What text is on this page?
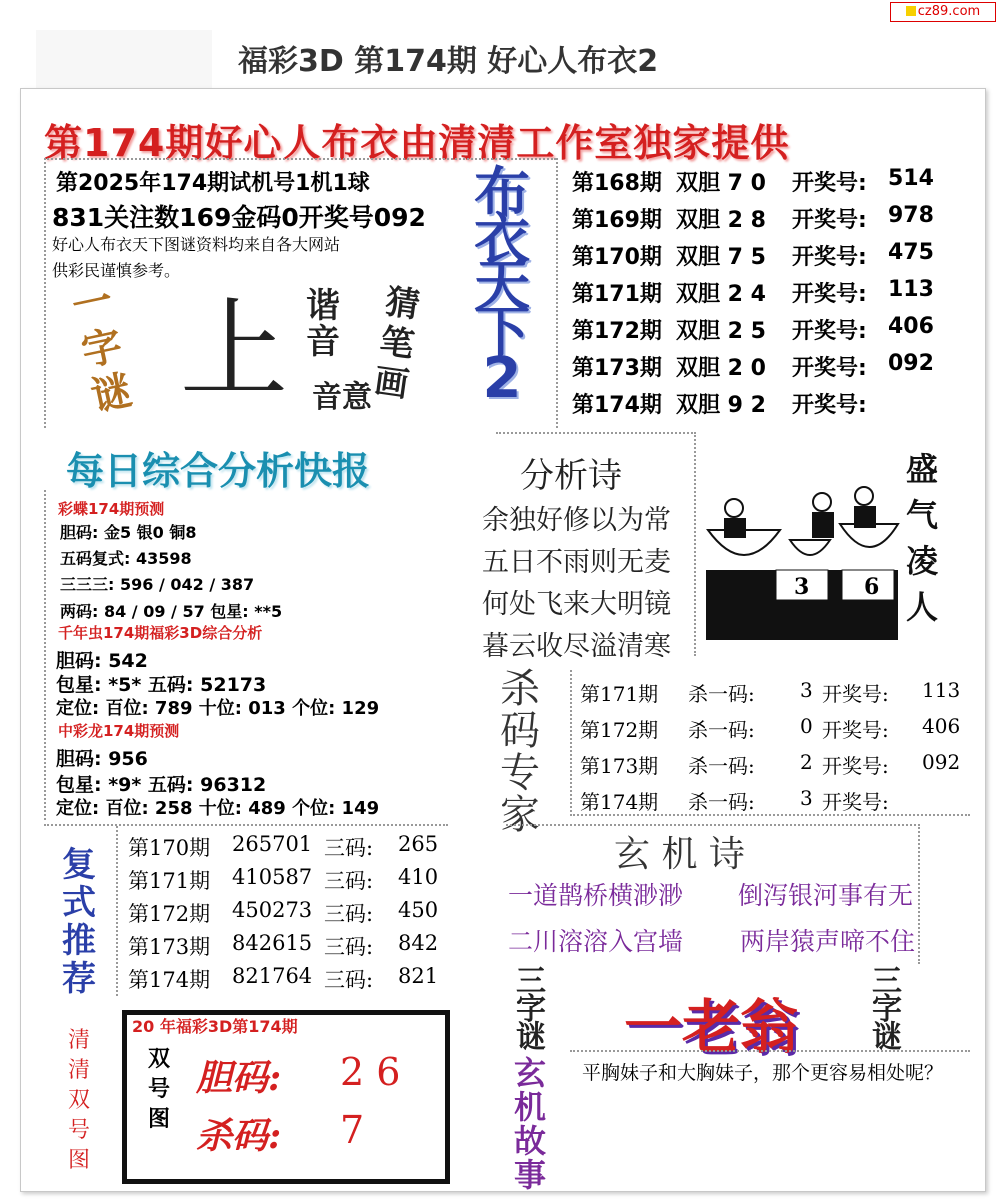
cz89.com
福彩3D 第174期 好心人布衣2
第174期好心人布衣由清清工作室独家提供
第2025年174期试机号1机1球
831关注数169金码0开奖号092
好心人布衣天下图谜资料均来自各大网站
供彩民谨慎参考。
一字谜 上 谐音
猜笔画
音意
布衣天下2
第168期 双胆 7 0 开奖号: 514
第169期 双胆 2 8 开奖号: 978
第170期 双胆 7 5 开奖号: 475
第171期 双胆 2 4 开奖号: 113
第172期 双胆 2 5 开奖号: 406
第173期 双胆 2 0 开奖号: 092
第174期 双胆 9 2 开奖号:
每日综合分析快报
彩蝶174期预测
胆码: 金5 银0 铜8
五码复式: 43598
三三三: 596 / 042 / 387
两码: 84 / 09 / 57 包星: **5
千年虫174期福彩3D综合分析
胆码: 542
包星: *5* 五码: 52173
定位: 百位: 789 十位: 013 个位: 129
中彩龙174期预测
胆码: 956
包星: *9* 五码: 96312
定位: 百位: 258 十位: 489 个位: 149
分析诗
余独好修以为常
五日不雨则无麦
何处飞来大明镜
暮云收尽溢清寒
3 6
盛气凌人
杀码专家
第171期 杀一码: 3 开奖号: 113
第172期 杀一码: 0 开奖号: 406
第173期 杀一码: 2 开奖号: 092
第174期 杀一码: 3 开奖号:
复式推荐
第170期 265701 三码: 265
第171期 410587 三码: 410
第172期 450273 三码: 450
第173期 842615 三码: 842
第174期 821764 三码: 821
玄 机 诗
一道鹊桥横渺渺 倒泻银河事有无
二川溶溶入宫墙 两岸猿声啼不住
清清双号图
20 年福彩3D第174期
双号图
胆码: 2 6
杀码: 7
三字谜
三字谜
一老翁
玄机故事
平胸妹子和大胸妹子，那个更容易相处呢？
